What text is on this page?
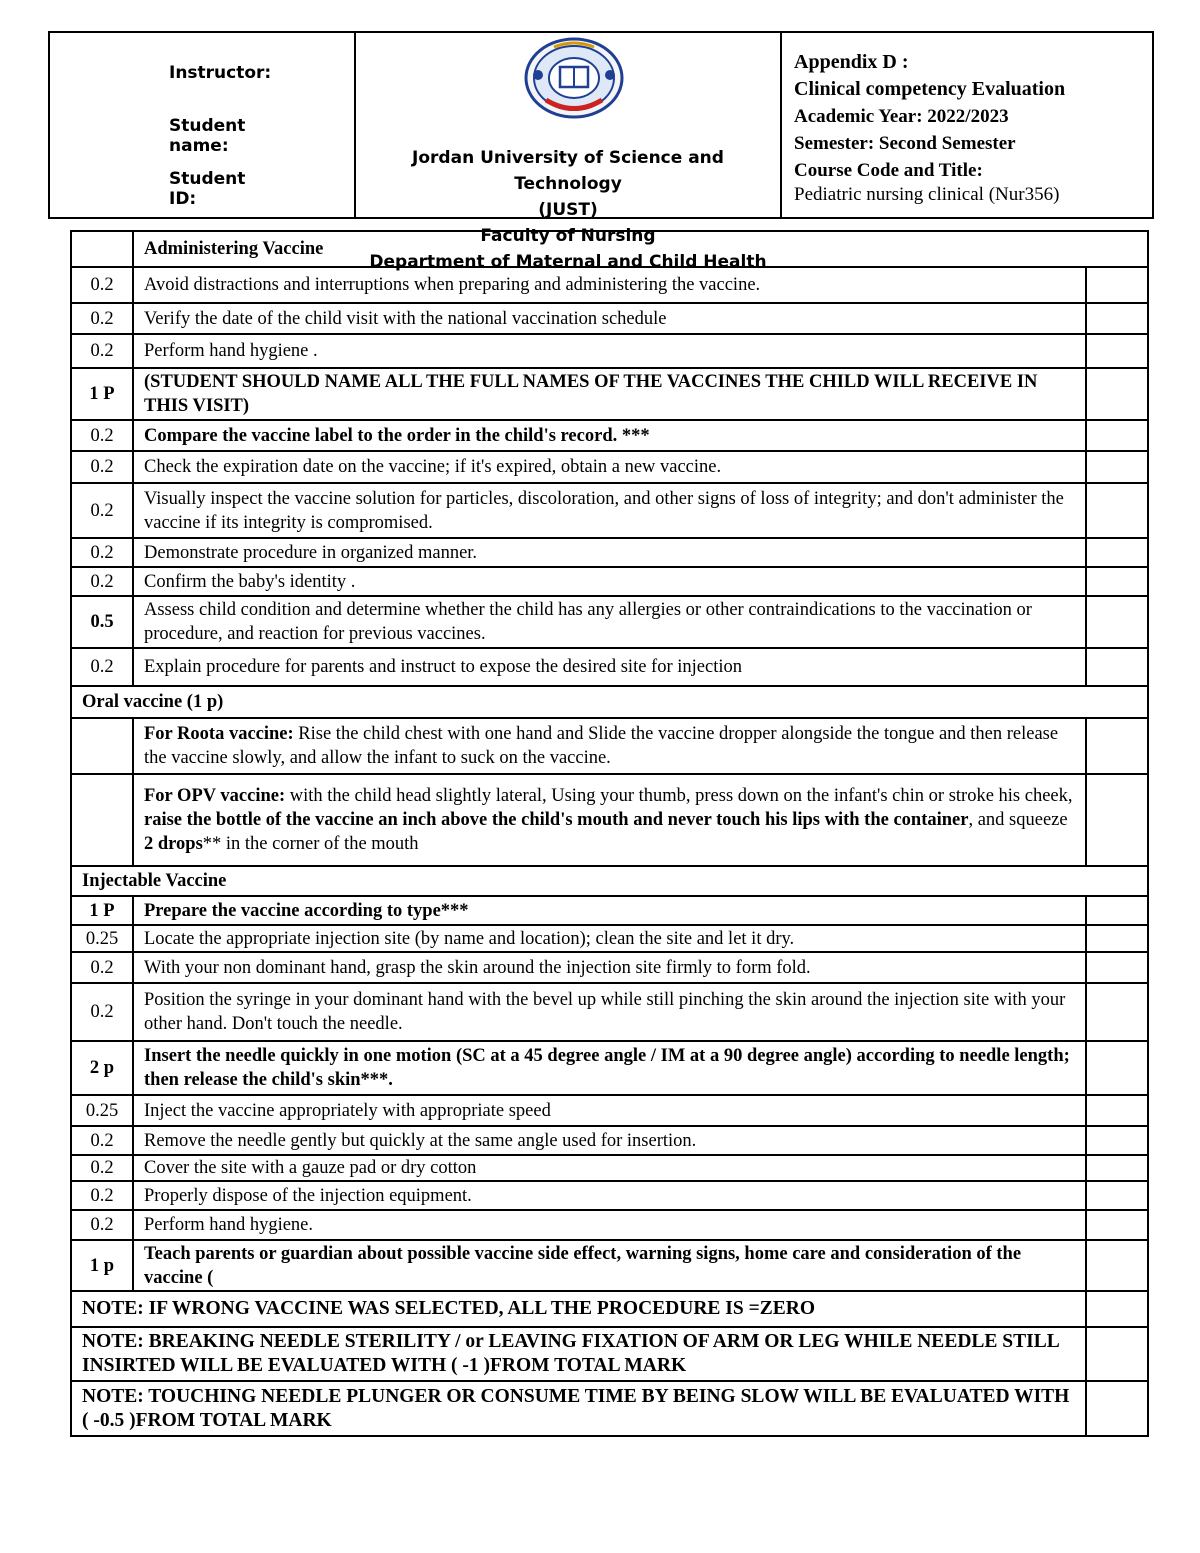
Instructor:
Student name:
Student ID:

Jordan University of Science and Technology
(JUST)
Faculty of Nursing
Department of Maternal and Child Health

Appendix D :
Clinical competency Evaluation
Academic Year: 2022/2023
Semester: Second Semester
Course Code and Title:
Pediatric nursing clinical (Nur356)
	Administering Vaccine	
0.2	Avoid distractions and interruptions when preparing and administering the vaccine.	
0.2	Verify the date of the child visit with the national vaccination schedule	
0.2	Perform hand hygiene .	
1 P	(STUDENT SHOULD NAME ALL THE FULL NAMES OF THE VACCINES THE CHILD WILL RECEIVE IN THIS VISIT)	
0.2	Compare the vaccine label to the order in the child's record. ***	
0.2	Check the expiration date on the vaccine; if it's expired, obtain a new vaccine.	
0.2	Visually inspect the vaccine solution for particles, discoloration, and other signs of loss of integrity; and don't administer the vaccine if its integrity is compromised.	
0.2	Demonstrate procedure in organized manner.	
0.2	Confirm the baby's identity .	
0.5	Assess child condition and determine whether the child has any allergies or other contraindications to the vaccination or procedure, and reaction for previous vaccines.	
0.2	Explain procedure for parents and instruct to expose the desired site for injection	
Oral vaccine (1 p)		
	For Roota vaccine: Rise the child chest with one hand and Slide the vaccine dropper alongside the tongue and then release the vaccine slowly, and allow the infant to suck on the vaccine.	
	For OPV vaccine: with the child head slightly lateral, Using your thumb, press down on the infant's chin or stroke his cheek, raise the bottle of the vaccine an inch above the child's mouth and never touch his lips with the container, and squeeze 2 drops** in the corner of the mouth	
Injectable Vaccine		
1 P	Prepare the vaccine according to type***	
0.25	Locate the appropriate injection site (by name and location); clean the site and let it dry.	
0.2	With your non dominant hand, grasp the skin around the injection site firmly to form fold.	
0.2	Position the syringe in your dominant hand with the bevel up while still pinching the skin around the injection site with your other hand. Don't touch the needle.	
2 p	Insert the needle quickly in one motion (SC at a 45 degree angle / IM at a 90 degree angle) according to needle length; then release the child's skin***.	
0.25	Inject the vaccine appropriately with appropriate speed	
0.2	Remove the needle gently but quickly at the same angle used for insertion.	
0.2	Cover the site with a gauze pad or dry cotton	
0.2	Properly dispose of the injection equipment.	
0.2	Perform hand hygiene.	
1 p	Teach parents or guardian about possible vaccine side effect, warning signs, home care and consideration of the vaccine (	
NOTE: IF WRONG VACCINE WAS SELECTED, ALL THE PROCEDURE IS =ZERO		
NOTE: BREAKING NEEDLE STERILITY / or LEAVING FIXATION OF ARM OR LEG WHILE NEEDLE STILL INSIRTED WILL BE EVALUATED WITH ( -1 )FROM TOTAL MARK		
NOTE: TOUCHING NEEDLE PLUNGER OR CONSUME TIME BY BEING SLOW WILL BE EVALUATED WITH ( -0.5 )FROM TOTAL MARK		
